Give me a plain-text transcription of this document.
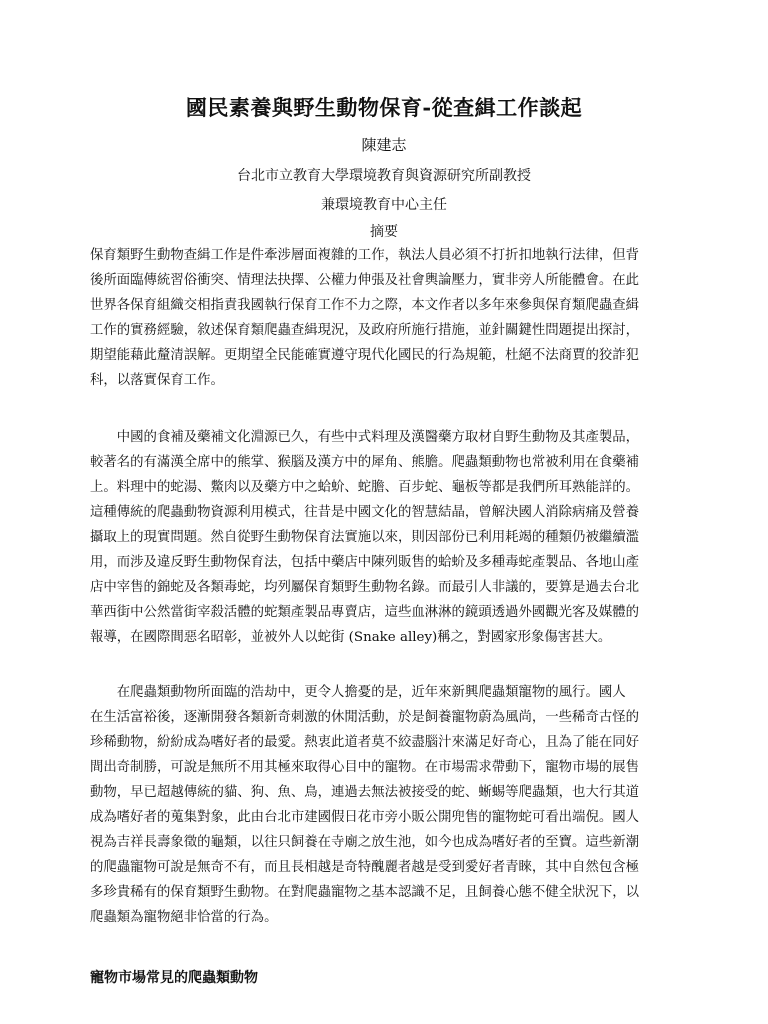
國民素養與野生動物保育-從查緝工作談起

陳建志

台北市立教育大學環境教育與資源研究所副教授

兼環境教育中心主任

摘要

保育類野生動物查緝工作是件牽涉層面複雜的工作，執法人員必須不打折扣地執行法律，但背
後所面臨傳統習俗衝突、情理法抉擇、公權力伸張及社會輿論壓力，實非旁人所能體會。在此
世界各保育組織交相指責我國執行保育工作不力之際，本文作者以多年來參與保育類爬蟲查緝
工作的實務經驗，敘述保育類爬蟲查緝現況，及政府所施行措施，並針關鍵性問題提出探討，
期望能藉此釐清誤解。更期望全民能確實遵守現代化國民的行為規範，杜絕不法商賈的狡詐犯
科，以落實保育工作。

　　中國的食補及藥補文化淵源已久，有些中式料理及漢醫藥方取材自野生動物及其產製品，
較著名的有滿漢全席中的熊掌、猴腦及漢方中的犀角、熊膽。爬蟲類動物也常被利用在食藥補
上。料理中的蛇湯、鱉肉以及藥方中之蛤蚧、蛇膽、百步蛇、龜板等都是我們所耳熟能詳的。
這種傳統的爬蟲動物資源利用模式，往昔是中國文化的智慧結晶，曾解決國人消除病痛及營養
攝取上的現實問題。然自從野生動物保育法實施以來，則因部份已利用耗竭的種類仍被繼續濫
用，而涉及違反野生動物保育法，包括中藥店中陳列販售的蛤蚧及多種毒蛇產製品、各地山產
店中宰售的錦蛇及各類毒蛇，均列屬保育類野生動物名錄。而最引人非議的，要算是過去台北
華西街中公然當街宰殺活體的蛇類產製品專賣店，這些血淋淋的鏡頭透過外國觀光客及媒體的
報導，在國際間惡名昭彰，並被外人以蛇街 (Snake alley)稱之，對國家形象傷害甚大。

　　在爬蟲類動物所面臨的浩劫中，更令人擔憂的是，近年來新興爬蟲類寵物的風行。國人
在生活富裕後，逐漸開發各類新奇刺激的休閒活動，於是飼養寵物蔚為風尚，一些稀奇古怪的
珍稀動物，紛紛成為嗜好者的最愛。熱衷此道者莫不絞盡腦汁來滿足好奇心，且為了能在同好
間出奇制勝，可說是無所不用其極來取得心目中的寵物。在市場需求帶動下，寵物市場的展售
動物，早已超越傳統的貓、狗、魚、鳥，連過去無法被接受的蛇、蜥蜴等爬蟲類，也大行其道
成為嗜好者的蒐集對象，此由台北市建國假日花市旁小販公開兜售的寵物蛇可看出端倪。國人
視為吉祥長壽象徵的龜類，以往只飼養在寺廟之放生池，如今也成為嗜好者的至寶。這些新潮
的爬蟲寵物可說是無奇不有，而且長相越是奇特醜麗者越是受到愛好者青睞，其中自然包含極
多珍貴稀有的保育類野生動物。在對爬蟲寵物之基本認識不足，且飼養心態不健全狀況下，以
爬蟲類為寵物絕非恰當的行為。

寵物市場常見的爬蟲類動物
